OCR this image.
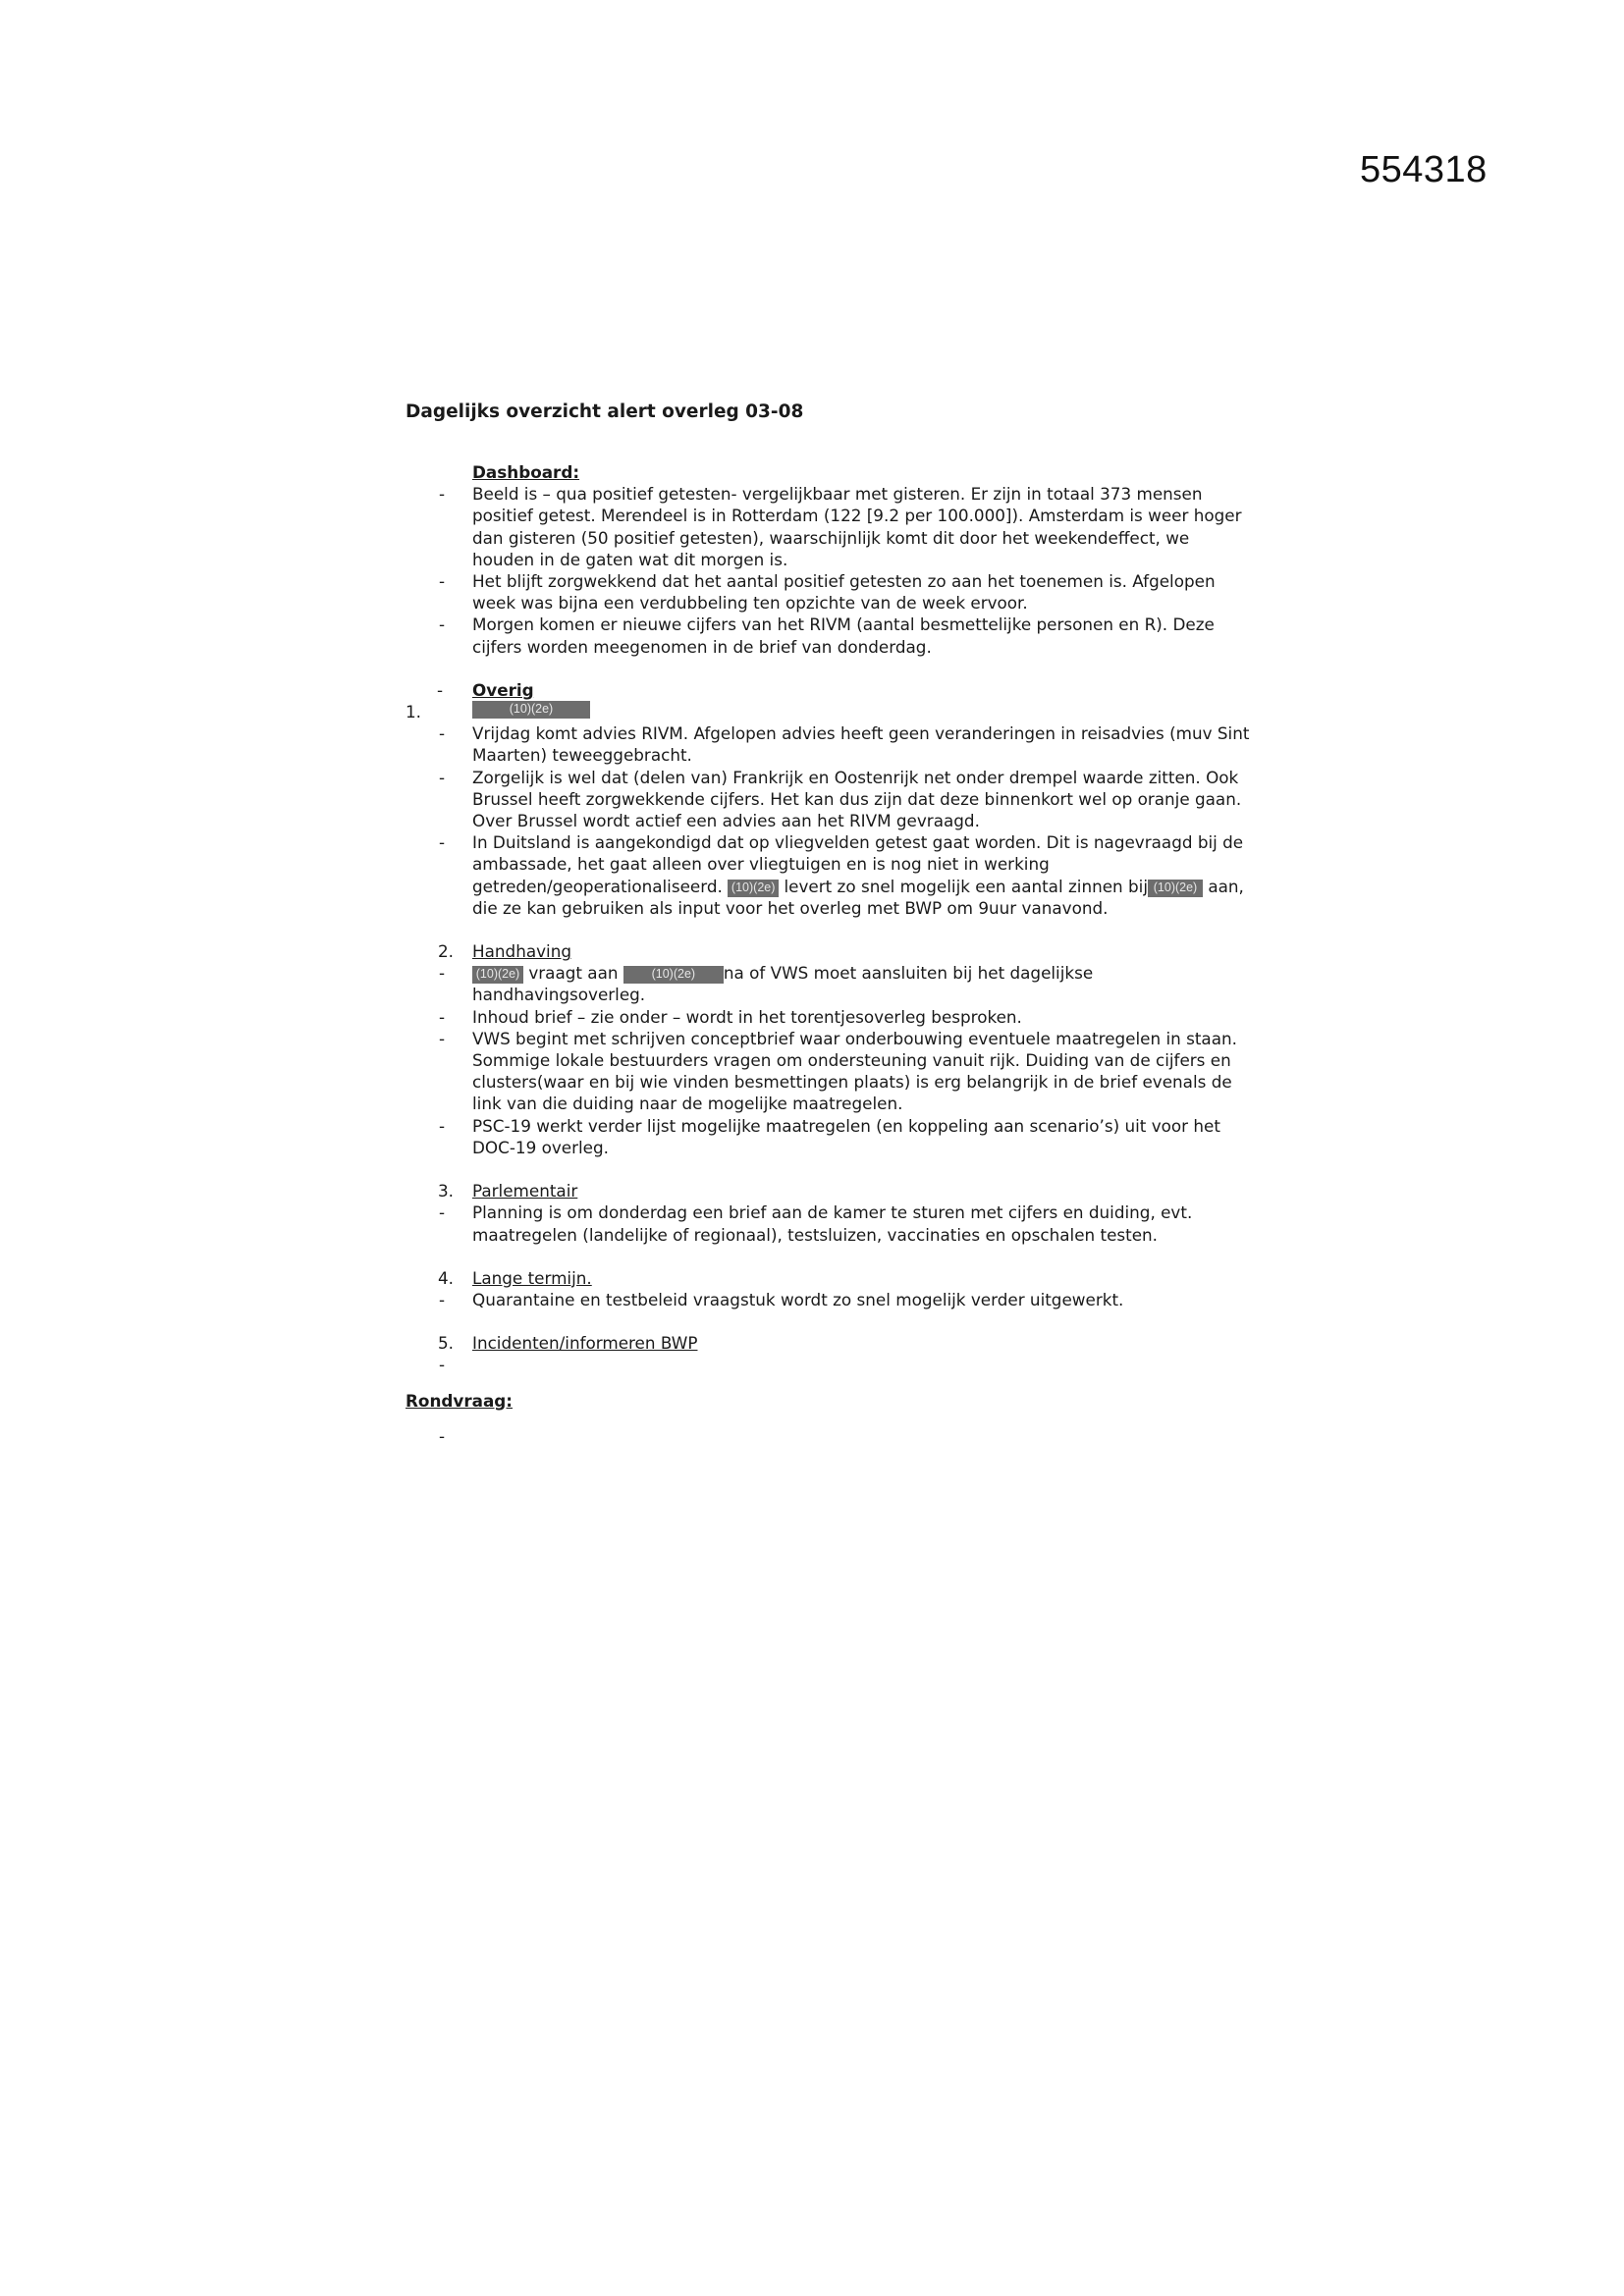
554318
Dagelijks overzicht alert overleg 03-08
Dashboard:
-	Beeld is – qua positief getesten- vergelijkbaar met gisteren. Er zijn in totaal 373 mensen positief getest. Merendeel is in Rotterdam (122 [9.2 per 100.000]). Amsterdam is weer hoger dan gisteren (50 positief getesten), waarschijnlijk komt dit door het weekendeffect, we houden in de gaten wat dit morgen is.
-	Het blijft zorgwekkend dat het aantal positief getesten zo aan het toenemen is. Afgelopen week was bijna een verdubbeling ten opzichte van de week ervoor.
-	Morgen komen er nieuwe cijfers van het RIVM (aantal besmettelijke personen en R). Deze cijfers worden meegenomen in de brief van donderdag.
-	Overig
1.	(10)(2e)
-	Vrijdag komt advies RIVM. Afgelopen advies heeft geen veranderingen in reisadvies (muv Sint Maarten) teweeggebracht.
-	Zorgelijk is wel dat (delen van) Frankrijk en Oostenrijk net onder drempel waarde zitten. Ook Brussel heeft zorgwekkende cijfers. Het kan dus zijn dat deze binnenkort wel op oranje gaan. Over Brussel wordt actief een advies aan het RIVM gevraagd.
-	In Duitsland is aangekondigd dat op vliegvelden getest gaat worden. Dit is nagevraagd bij de ambassade, het gaat alleen over vliegtuigen en is nog niet in werking getreden/geoperationaliseerd. (10)(2e) levert zo snel mogelijk een aantal zinnen bij (10)(2e) aan, die ze kan gebruiken als input voor het overleg met BWP om 9uur vanavond.
2.	Handhaving
-	(10)(2e) vraagt aan (10)(2e) na of VWS moet aansluiten bij het dagelijkse handhavingsoverleg.
-	Inhoud brief – zie onder – wordt in het torentjesoverleg besproken.
-	VWS begint met schrijven conceptbrief waar onderbouwing eventuele maatregelen in staan. Sommige lokale bestuurders vragen om ondersteuning vanuit rijk. Duiding van de cijfers en clusters(waar en bij wie vinden besmettingen plaats) is erg belangrijk in de brief evenals de link van die duiding naar de mogelijke maatregelen.
-	PSC-19 werkt verder lijst mogelijke maatregelen (en koppeling aan scenario’s) uit voor het DOC-19 overleg.
3.	Parlementair
-	Planning is om donderdag een brief aan de kamer te sturen met cijfers en duiding, evt. maatregelen (landelijke of regionaal), testsluizen, vaccinaties en opschalen testen.
4.	Lange termijn.
-	Quarantaine en testbeleid vraagstuk wordt zo snel mogelijk verder uitgewerkt.
5.	Incidenten/informeren BWP
-
Rondvraag:
-
